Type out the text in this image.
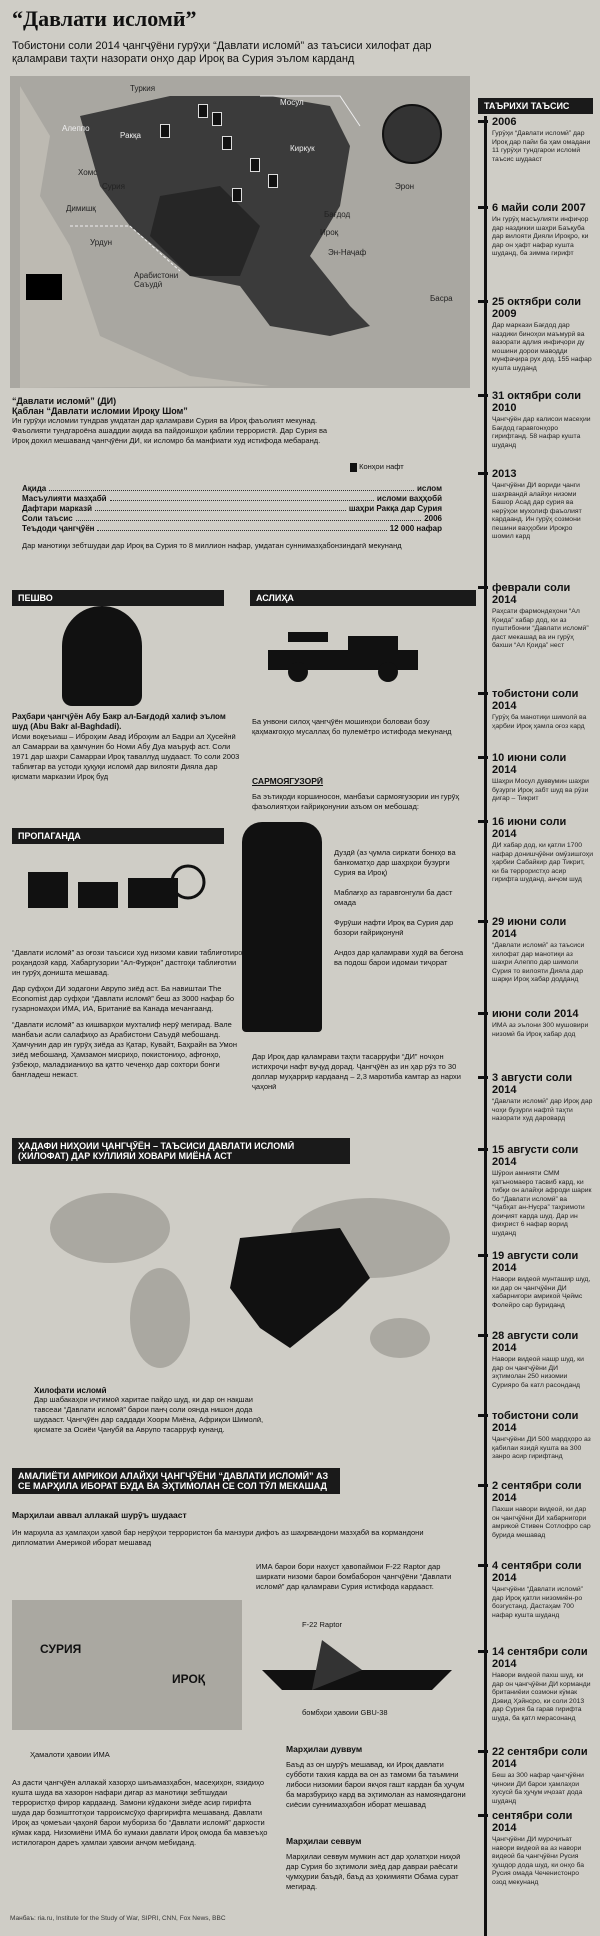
“Давлати исломӣ”
Тобистони соли 2014 ҷангҷӯёни гурӯҳи “Давлати исломӣ” аз таъсиси хилофат дар қаламрави таҳти назорати онҳо дар Ироқ ва Сурия эълом карданд
Туркия
Мосул
Алеппо
Ракқа
Киркук
Хомс
Сурия	Эрон
Димишқ
Бағдод
Урдун
Ироқ
Эн-Наҷаф
Арабистони Саъудӣ
Басра
“Давлати исломӣ” (ДИ)
Қаблан “Давлати исломии Ироқу Шом”
Ин гурӯҳи исломии тундрав умдатан дар қаламрави Сурия ва Ироқ фаъолият мекунад. Фаъолияти тундгароёна ашаддии ақида ва пайдоишҳои қаблии террористӣ. Дар Сурия ва Ироқ дохил мешаванд ҷангҷӯёни ДИ, ки исломро ба манфиати худ истифода мебаранд.
Конҳои нафт
Ақида	ислом
Масъулияти мазҳабӣ	исломи ваҳҳобӣ
Дафтари марказӣ	шаҳри Ракқа дар Сурия
Соли таъсис	2006
Теъдоди ҷангҷӯён	12 000 нафар
Дар манотиқи зебтшудаи дар Ироқ ва Сурия то 8 миллион нафар, умдатан суннимазҳабонзиндагӣ мекунанд
ПЕШВО
Раҳбари ҷангҷӯён Абу Бакр ал-Бағдодӣ халиф эълом шуд (Abu Bakr al-Baghdadi).
Исми воқеъиаш – Иброҳим Авад Иброҳим ал Бадри ал Ҳусейнӣ ал Самарраи ва ҳамчунин бо Номи Абу Дуа маъруф аст. Соли 1971 дар шаҳри Самарраи Ироқ таваллуд шудааст. То соли 2003 таблиғгар ва устоди ҳуқуқи исломӣ дар вилояти Дияла дар қисмати марказии Ироқ буд
АСЛИҲА
Ба унвони силоҳ ҷангҷӯён мошинҳои боловаи бозу қаҳмакгоҳҳо мусаллаҳ бо пулемётро истифода мекунанд
САРМОЯГУЗОРӢ
Ба эътиқоди коршиносон, манбаъи сармоягузории ин гурӯҳ фаъолиятҳои ғайриқонунии азъом он мебошад:
Дуздӣ (аз ҷумла сиркати бонкҳо ва банкоматҳо дар шаҳрҳои бузурги Сурия ва Ироқ)
Маблағҳо аз гаравгонгули ба даст омада
Фурӯши нафти Ироқ ва Сурия дар бозори ғайриқонунӣ
Андоз дар қаламрави худӣ ва бегона ва подош барои идомаи тиҷорат
Дар Ироқ дар қаламрави таҳти тасарруфи “ДИ” ночҳон истихроҷи нафт вуҷуд дорад. Ҷангҷӯён аз ин ҳар рӯз то 30 доллар муҳаррир кардаанд – 2,3 маротиба камтар аз нархи ҷаҳонӣ
ПРОПАГАНДА
“Давлати исломӣ” аз оғози таъсиси худ низоми кавии таблиғотиро роҳандозӣ кард. Хабаргузории “Ал-Фурқон” дастгоҳи таблиғотии ин гурӯҳ доништа мешавад.
Дар суфҳои ДИ зодагони Аврупо зиёд аст. Ба навиштаи The Economist дар суфҳои “Давлати исломӣ” беш аз 3000 нафар бо гузарномаҳои ИМА, ИА, Британиё ва Канада мечангаанд.
“Давлати исломӣ” аз кишварҳои мухталиф нерӯ мегирад. Вале манбаъи асли салафиҳо аз Арабистони Саъудӣ мебошанд. Ҳамчунин дар ин гурӯҳ зиёда аз Қатар, Кувайт, Баҳрайн ва Умон зиёд мебошанд. Ҳамзамон мисриҳо, покистониҳо, афғонҳо, ӯзбекҳо, маладзианиҳо ва қатто чеченҳо дар сохтори бонги бангладеш нежаст.
ҲАДАФИ НИҲОИИ ҶАНГҶӮЁН – ТАЪСИСИ ДАВЛАТИ ИСЛОМӢ (ХИЛОФАТ) ДАР КУЛЛИЯИ ХОВАРИ МИЁНА АСТ
Хилофати исломӣ
Дар шабакаҳои иҷтимоӣ харитае пайдо шуд, ки дар он нақшаи тавсеаи “Давлати исломӣ” барои панҷ соли оянда нишон дода шудааст. Ҷангҷӯён дар саддади Хоорм Миёна, Африқои Шимолӣ, қисмате за Осиёи Ҷанубӣ ва Аврупо тасарруф кунанд.
АМАЛИЁТИ АМРИКОИ АЛАЙҲИ ҶАНГҶӮЁНИ “ДАВЛАТИ ИСЛОМӢ” АЗ СЕ МАРҲИЛА ИБОРАТ БУДА ВА ЭҲТИМОЛАН СЕ СОЛ ТӮЛ МЕКАШАД
Марҳилаи аввал аллакай шурӯъ шудааст
Ин марҳила аз ҳамлаҳои ҳавоӣ бар нерӯҳои террористон ба манзури дифоъ аз шаҳрвандони мазҳабӣ ва кормандони дипломатии Америкоӣ иборат мешавад
ИМА барои бори нахуст ҳавопаймои F-22 Raptor дар ширкати низоми барои бомбаборон ҷангҷӯёни “Давлати исломӣ” дар қаламрави Сурия истифода кардааст.
СУРИЯ
ИРОҚ
F-22 Raptor
бомбҳои ҳавоии GBU-38
Ҳамалоти ҳавоии ИМА
Аз дасти ҷангҷӯён аллакай хазорҳо шиъамазҳабон, масеҳиҳон, язидиҳо кушта шуда ва хазорон нафари дигар аз манотиқи зебтшудаи террористҳо фирор кардаанд. Замони кӯдакони зиёде асир гирифта шуда дар бозиштготҳои тaрроисмсӯҳо фаpгирифта мешаванд. Давлати Ироқ аз ҷомеъаи ҷаҳонӣ барои мубориза бо “Давлати исломӣ” дархости кӯмак кард. Низомиёни ИМА бо кумаки давлати Ироқ омода ба мавзеъҳо истилогарон дареъ ҳамлаи ҳавоии анҷом мебиданд.
Марҳилаи дуввум
Баъд аз он шурӯъ мешавад, ки Ироқ давлати субботи тахия карда ва он аз тамоми ба таъмини либоси низомии барои якҷоя гашт кардан ба ҳуҷум ба марзбуриҳо кард ва эҳтимолан аз намояндагони сиёсии суннимазҳабон иборат мешавад
Марҳилаи севвум
Марҳилаи севвум мумкин аст дар ҳолатҳои ниҳоӣ дар Сурия бо зҳтимоли зиёд дар давраи раёсати ҷумҳурии баъдӣ, баъд аз ҳокимияти Обама сурат мегирад.
ТАЪРИХИ ТАЪСИС
2006
Гурӯҳи “Давлати исломӣ” дар Ироқ дар пайи ба ҳам омадани 11 гурӯҳи тундгарои исломӣ таъсис шудааст
6 майи соли 2007
Ин гурӯҳ масъулияти инфиҷор дар наздикии шаҳри Баъқуба дар вилояти Дияли Ироқро, ки дар он ҳафт нафар кушта шуданд, ба зимма гирифт
25 октябри соли 2009
Дар маркази Бағдод дар наздики биноҳои маъмурӣ ва вазорати адлия инфиҷори ду мошини дорои маводди мунфаҷира рух дод, 155 нафар кушта шуданд
31 октябри соли 2010
Ҷангҷӯён дар калисои масеҳии Бағдод гаравгонҳоро гирифтанд. 58 нафар кушта шуданд
2013
Ҷангҷӯёни ДИ вориди ҷанги шаҳрвандӣ алайҳи низоми Башор Асад дар сурия ва нерӯҳои мухолиф фаъолият кардаанд. Ин гурӯҳ созмони пешини ваҳҳобии Ироқро шомил кард
феврали соли 2014
Раҳсати фармондеҳони “Ал Қоида” хабар дод, ки аз пуштибонии “Давлати исломӣ” даст мекашад ва ин гурӯҳ бахши “Ал Қоида” нест
тобистони соли 2014
Гурӯҳ ба манотиқи шимолӣ ва ҳарбии Ироқ ҳамла оғоз кард
10 июни соли 2014
Шаҳри Мосул дуввумин шаҳри бузурги Ироқ забт шуд ва рӯзи дигар – Тикрит
16 июни соли 2014
ДИ хабар дод, ки қатли 1700 нафар донишҷӯёни омӯзишгоҳи ҳарбии Сабайкир дар Тикрит, ки ба террористҳо асир гирифта шуданд, анҷом шуд
29 июни соли 2014
“Давлати исломӣ” аз таъсиси хилофат дар манотиқи аз шаҳри Алеппо дар шимоли Сурия то вилояти Дияла дар шарқи Ироқ хабар додданд
июни соли 2014
ИМА аз эълони 300 мушовири низомӣ ба Ироқ хабар дод
3 августи соли 2014
“Давлати исломӣ” дар Ироқ дар чоҳи бузурги нафтӣ таҳти назорати худ даровард
15 августи соли 2014
Шӯрои амнияти СММ қатъномаеро тасвиб кард, ки тибқи он алайҳи афроди шарик бо “Давлати исломӣ” ва “Ҷабҳат ан-Нусра” таҳримоти доиҷият карда шуд. Дар ин фиҳрист 6 нафар ворид шуданд
19 августи соли 2014
Навори видеоӣ мунташир шуд, ки дар он ҷангҷӯёни ДИ хабарнигори амрикоӣ Ҷеймс Фолейро сар буриданд
28 августи соли 2014
Навори видеоӣ нашр шуд, ки дар он ҷангҷӯёни ДИ эҳтимолан 250 низомии Сурияро ба катл расонданд
тобистони соли 2014
Ҷангҷӯёни ДИ 500 мардҳоро аз қабилаи язидӣ кушта ва 300 занро асир гирифтанд
2 сентябри соли 2014
Пахши навори видеоӣ, ки дар он ҷангҷӯёни ДИ хабарнигори амрикоӣ Стивен Сотлофро сар бурида мешавад
4 сентябри соли 2014
Ҷангҷӯёни “Давлати исломӣ” дар Ироқ қатли низомиён-ро бозгустанд. Дастаҳам 700 нафар кушта шуданд
14 сентябри соли 2014
Навори видеоӣ пахш шуд, ки дар он ҷангҷӯёни ДИ корманди британиёии созмони кӯмак Дэвид Ҳэйнсро, ки соли 2013 дар Сурия ба гарав гирифта шуда, ба қатл мерасонанд
22 сентябри соли 2014
Беш аз 300 нафар ҷангҷӯёни ҷиноии ДИ барои ҳамлаҳои хусусӣ ба ҳуҷум иҷозат дода шуданд
сентябри соли 2014
Ҷангҷӯёни ДИ муроҷиъат навори видеоӣ ва аз навори видеоӣ ба ҷангҷӯёни Русия ҳушдор дода шуд, ки онҳо ба Русия омада Чеченистонро озод мекунанд
Манбаъ: ria.ru, Institute for the Study of War, SIPRI, CNN, Fox News, BBC
